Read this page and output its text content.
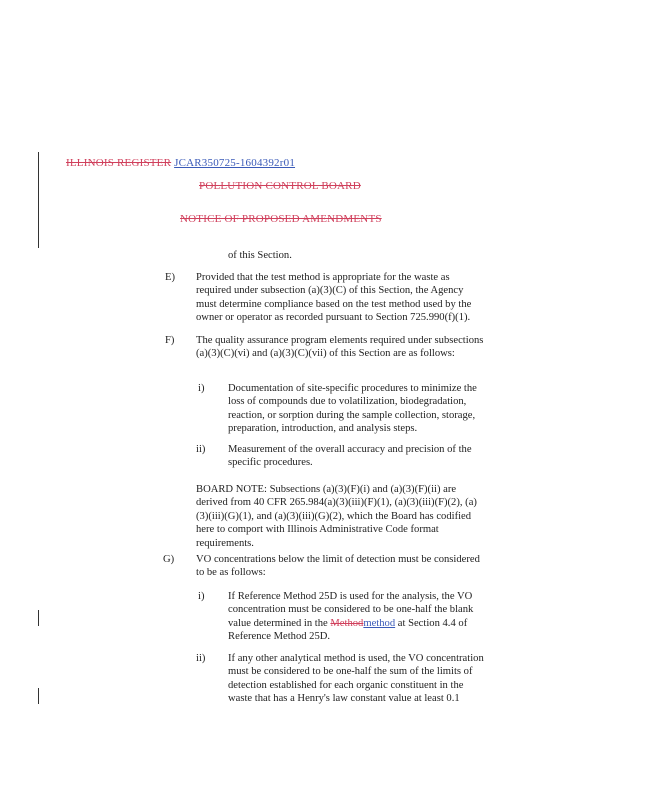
ILLINOIS REGISTER JCAR350725-1604392r01
POLLUTION CONTROL BOARD
NOTICE OF PROPOSED AMENDMENTS
of this Section.
E) Provided that the test method is appropriate for the waste as required under subsection (a)(3)(C) of this Section, the Agency must determine compliance based on the test method used by the owner or operator as recorded pursuant to Section 725.990(f)(1).
F) The quality assurance program elements required under subsections (a)(3)(C)(vi) and (a)(3)(C)(vii) of this Section are as follows:
i) Documentation of site-specific procedures to minimize the loss of compounds due to volatilization, biodegradation, reaction, or sorption during the sample collection, storage, preparation, introduction, and analysis steps.
ii) Measurement of the overall accuracy and precision of the specific procedures.
BOARD NOTE: Subsections (a)(3)(F)(i) and (a)(3)(F)(ii) are derived from 40 CFR 265.984(a)(3)(iii)(F)(1), (a)(3)(iii)(F)(2), (a)(3)(iii)(G)(1), and (a)(3)(iii)(G)(2), which the Board has codified here to comport with Illinois Administrative Code format requirements.
G) VO concentrations below the limit of detection must be considered to be as follows:
i) If Reference Method 25D is used for the analysis, the VO concentration must be considered to be one-half the blank value determined in the Methodmethod at Section 4.4 of Reference Method 25D.
ii) If any other analytical method is used, the VO concentration must be considered to be one-half the sum of the limits of detection established for each organic constituent in the waste that has a Henry's law constant value at least 0.1
